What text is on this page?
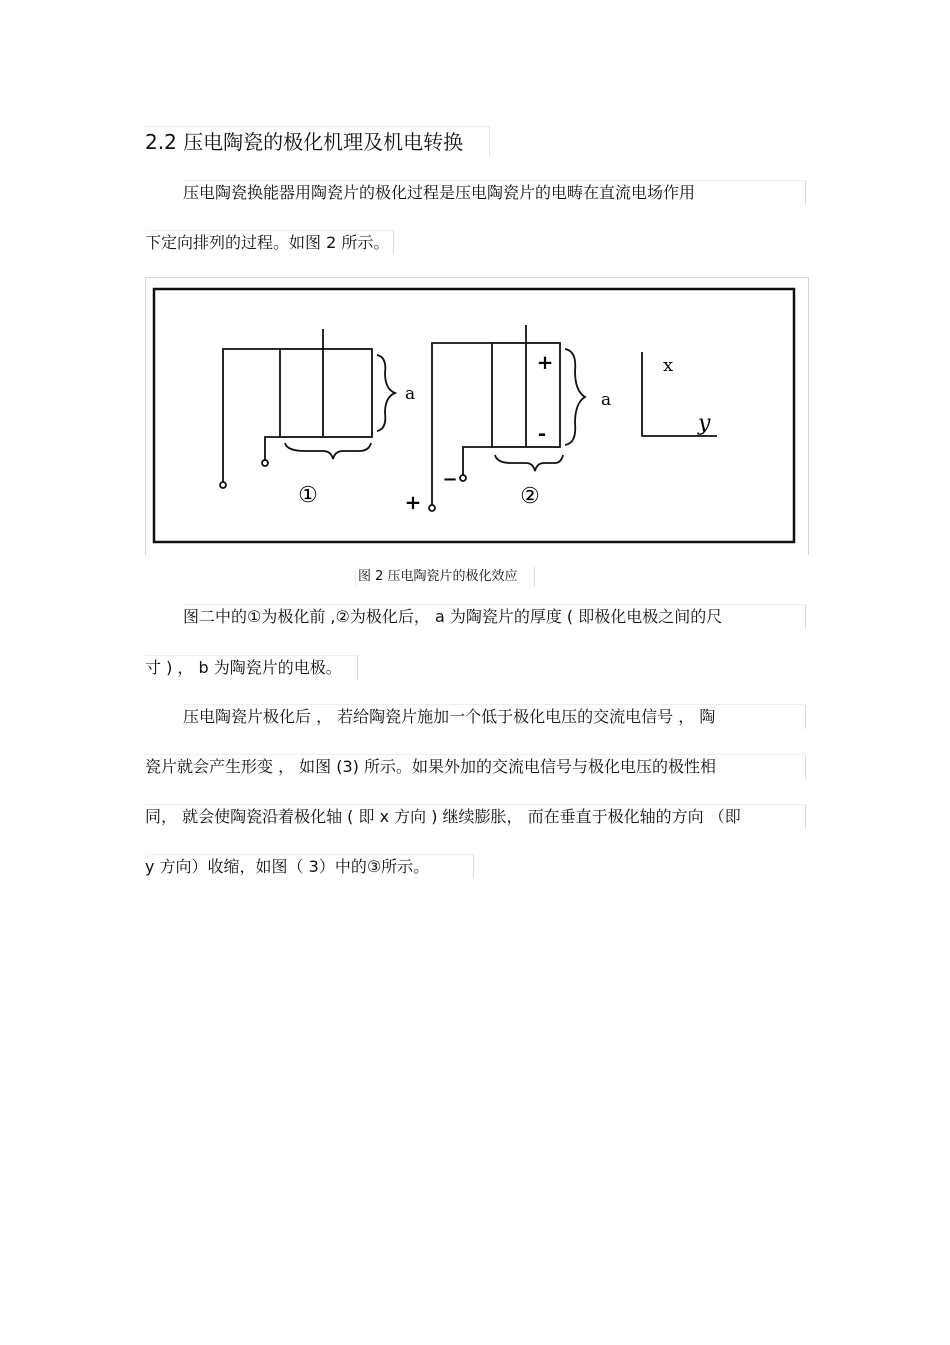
2.2 压电陶瓷的极化机理及机电转换
压电陶瓷换能器用陶瓷片的极化过程是压电陶瓷片的电畴在直流电场作用
下定向排列的过程。如图 2 所示。
a
①
+
-
a
+
−
②
x
y
图 2 压电陶瓷片的极化效应
图二中的①为极化前 ,②为极化后， a 为陶瓷片的厚度 ( 即极化电极之间的尺
寸 ) ， b 为陶瓷片的电极。
压电陶瓷片极化后 ， 若给陶瓷片施加一个低于极化电压的交流电信号 ， 陶
瓷片就会产生形变 ， 如图 (3) 所示。如果外加的交流电信号与极化电压的极性相
同， 就会使陶瓷沿着极化轴 ( 即 x 方向 ) 继续膨胀， 而在垂直于极化轴的方向 （即
y 方向）收缩，如图（ 3）中的③所示。
